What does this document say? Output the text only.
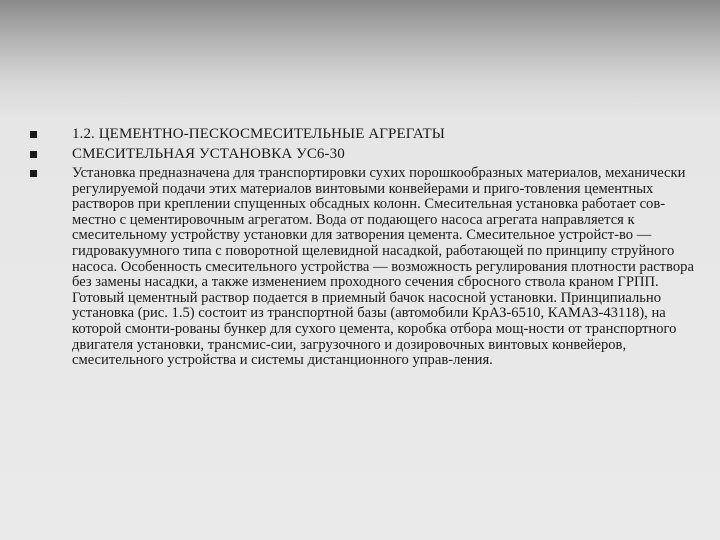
1.2. ЦЕМЕНТНО-ПЕСКОСМЕСИТЕЛЬНЫЕ АГРЕГАТЫ
СМЕСИТЕЛЬНАЯ УСТАНОВКА УС6-30
Установка предназначена для транспортировки сухих порошкообразных материалов, механически регулируемой подачи этих материалов винтовыми конвейерами и приго-товления цементных растворов при креплении спущенных обсадных колонн. Смесительная установка работает сов-местно с цементировочным агрегатом. Вода от подающего насоса агрегата направляется к смесительному устройству установки для затворения цемента. Смесительное устройст-во —гидровакуумного типа с поворотной щелевидной насадкой, работающей по принципу струйного насоса. Особенность смесительного устройства — возможность регулирования плотности раствора без замены насадки, а также изменением проходного сечения сбросного ствола краном ГРПП. Готовый цементный раствор подается в приемный бачок насосной установки. Принципиально установка (рис. 1.5) состоит из транспортной базы (автомобили КрАЗ-6510, КАМАЗ-43118), на которой смонти-рованы бункер для сухого цемента, коробка отбора мощ-ности от транспортного двигателя установки, трансмис-сии, загрузочного и дозировочных винтовых конвейеров, смесительного устройства и системы дистанционного управ-ления.
